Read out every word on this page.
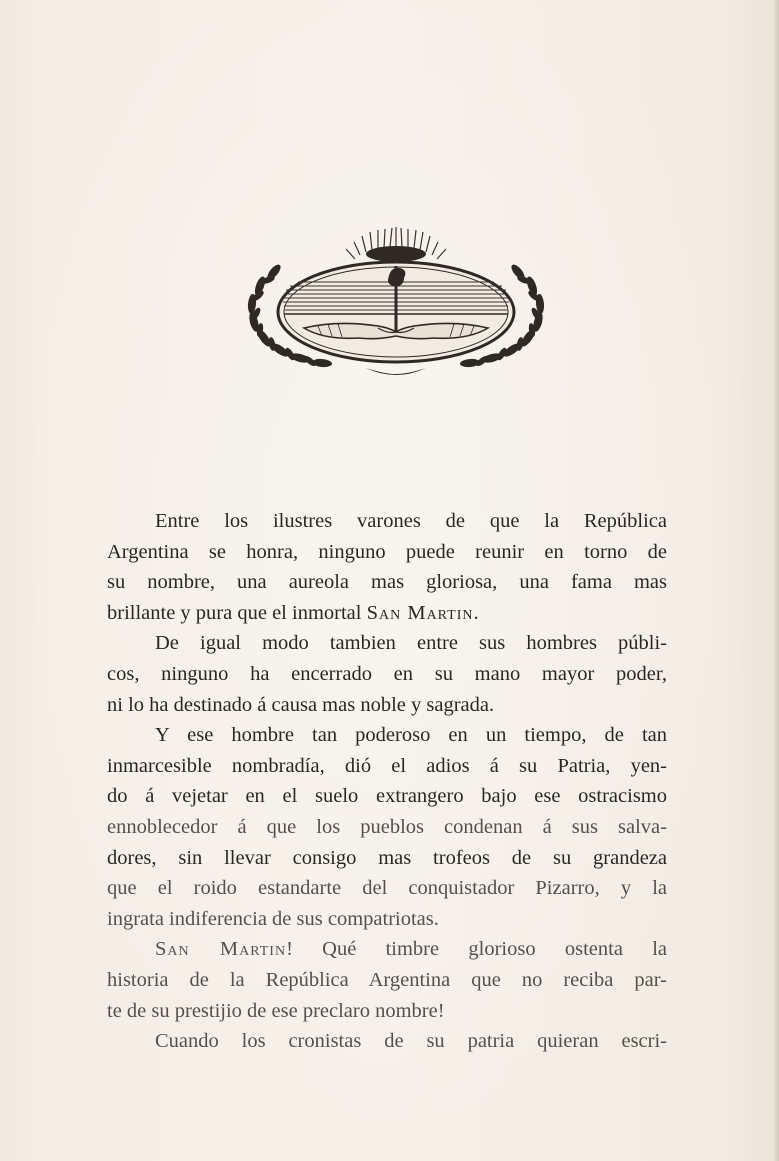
Entre los ilustres varones de que la República
Argentina se honra, ninguno puede reunir en torno de
su nombre, una aureola mas gloriosa, una fama mas
brillante y pura que el inmortal San Martin.
De igual modo tambien entre sus hombres públi-
cos, ninguno ha encerrado en su mano mayor poder,
ni lo ha destinado á causa mas noble y sagrada.
Y ese hombre tan poderoso en un tiempo, de tan
inmarcesible nombradía, dió el adios á su Patria, yen-
do á vejetar en el suelo extrangero bajo ese ostracismo
ennoblecedor á que los pueblos condenan á sus salva-
dores, sin llevar consigo mas trofeos de su grandeza
que el roido estandarte del conquistador Pizarro, y la
ingrata indiferencia de sus compatriotas.
San Martin! Qué timbre glorioso ostenta la
historia de la República Argentina que no reciba par-
te de su prestijio de ese preclaro nombre!
Cuando los cronistas de su patria quieran escri-
